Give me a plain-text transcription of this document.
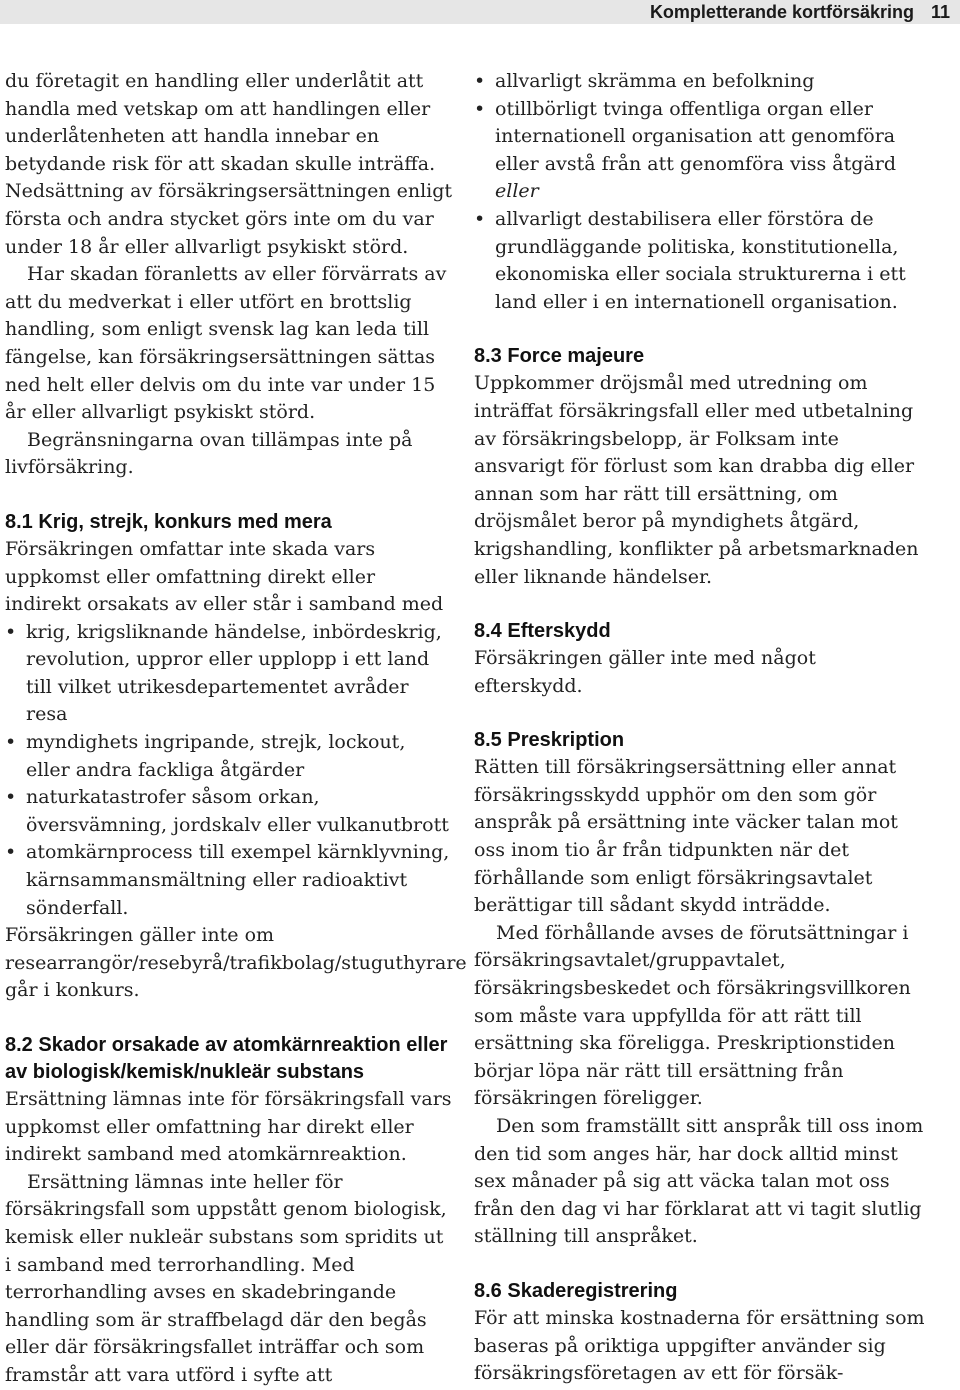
Kompletterande kortförsäkring 11

du företagit en handling eller underlåtit att handla med vetskap om att handlingen eller underlåtenheten att handla innebar en betydande risk för att skadan skulle inträffa.

Nedsättning av försäkringsersättningen enligt första och andra stycket görs inte om du var under 18 år eller allvarligt psykiskt störd.

Har skadan föranletts av eller förvärrats av att du medverkat i eller utfört en brottslig handling, som enligt svensk lag kan leda till fängelse, kan försäkringsersättningen sättas ned helt eller delvis om du inte var under 15 år eller allvarligt psykiskt störd.

Begränsningarna ovan tillämpas inte på livförsäkring.

8.1 Krig, strejk, konkurs med mera

Försäkringen omfattar inte skada vars uppkomst eller omfattning direkt eller indirekt orsakats av eller står i samband med

• krig, krigsliknande händelse, inbördeskrig, revolution, uppror eller upplopp i ett land till vilket utrikesdepartementet avråder resa
• myndighets ingripande, strejk, lockout, eller andra fackliga åtgärder
• naturkatastrofer såsom orkan, översvämning, jordskalv eller vulkanutbrott
• atomkärnprocess till exempel kärnklyvning, kärnsammansmältning eller radioaktivt sönderfall.

Försäkringen gäller inte om researrangör/resebyrå/trafikbolag/stuguthyrare går i konkurs.

8.2 Skador orsakade av atomkärnreaktion eller av biologisk/kemisk/nukleär substans

Ersättning lämnas inte för försäkringsfall vars uppkomst eller omfattning har direkt eller indirekt samband med atomkärnreaktion.

Ersättning lämnas inte heller för försäkringsfall som uppstått genom biologisk, kemisk eller nukleär substans som spridits ut i samband med terrorhandling. Med terrorhandling avses en skadebringande handling som är straffbelagd där den begås eller där försäkringsfallet inträffar och som framstår att vara utförd i syfte att

• allvarligt skrämma en befolkning
• otillbörligt tvinga offentliga organ eller internationell organisation att genomföra eller avstå från att genomföra viss åtgärd
eller
• allvarligt destabilisera eller förstöra de grundläggande politiska, konstitutionella, ekonomiska eller sociala strukturerna i ett land eller i en internationell organisation.
8.3 Force majeure

Uppkommer dröjsmål med utredning om inträffat försäkringsfall eller med utbetalning av försäkringsbelopp, är Folksam inte ansvarigt för förlust som kan drabba dig eller annan som har rätt till ersättning, om dröjsmålet beror på myndighets åtgärd, krigshandling, konflikter på arbetsmarknaden eller liknande händelser.

8.4 Efterskydd

Försäkringen gäller inte med något efterskydd.

8.5 Preskription

Rätten till försäkringsersättning eller annat försäkringsskydd upphör om den som gör anspråk på ersättning inte väcker talan mot oss inom tio år från tidpunkten när det förhållande som enligt försäkringsavtalet berättigar till sådant skydd inträdde.

Med förhållande avses de förutsättningar i försäkringsavtalet/gruppavtalet, försäkringsbeskedet och försäkringsvillkoren som måste vara uppfyllda för att rätt till ersättning ska föreligga. Preskriptionstiden börjar löpa när rätt till ersättning från försäkringen föreligger.

Den som framställt sitt anspråk till oss inom den tid som anges här, har dock alltid minst sex månader på sig att väcka talan mot oss från den dag vi har förklarat att vi tagit slutlig ställning till anspråket.

8.6 Skaderegistrering

För att minska kostnaderna för ersättning som baseras på oriktiga uppgifter använder sig försäkringsföretagen av ett för försäk-
